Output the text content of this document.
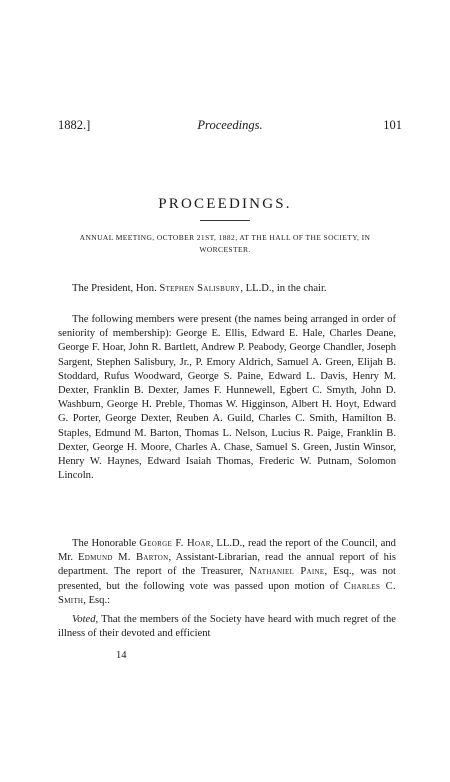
1882.]	Proceedings.	101
PROCEEDINGS.
ANNUAL MEETING, OCTOBER 21ST, 1882, AT THE HALL OF THE SOCIETY, IN WORCESTER.

The President, Hon. Stephen Salisbury, LL.D., in the chair.

The following members were present (the names being arranged in order of seniority of membership): George E. Ellis, Edward E. Hale, Charles Deane, George F. Hoar, John R. Bartlett, Andrew P. Peabody, George Chandler, Joseph Sargent, Stephen Salisbury, Jr., P. Emory Aldrich, Samuel A. Green, Elijah B. Stoddard, Rufus Woodward, George S. Paine, Edward L. Davis, Henry M. Dexter, Franklin B. Dexter, James F. Hunnewell, Egbert C. Smyth, John D. Washburn, George H. Preble, Thomas W. Higginson, Albert H. Hoyt, Edward G. Porter, George Dexter, Reuben A. Guild, Charles C. Smith, Hamilton B. Staples, Edmund M. Barton, Thomas L. Nelson, Lucius R. Paige, Franklin B. Dexter, George H. Moore, Charles A. Chase, Samuel S. Green, Justin Winsor, Henry W. Haynes, Edward Isaiah Thomas, Frederic W. Putnam, Solomon Lincoln.

The Honorable George F. Hoar, LL.D., read the report of the Council, and Mr. Edmund M. Barton, Assistant-Librarian, read the annual report of his department. The report of the Treasurer, Nathaniel Paine, Esq., was not presented, but the following vote was passed upon motion of Charles C. Smith, Esq.:

Voted, That the members of the Society have heard with much regret of the illness of their devoted and efficient

14
